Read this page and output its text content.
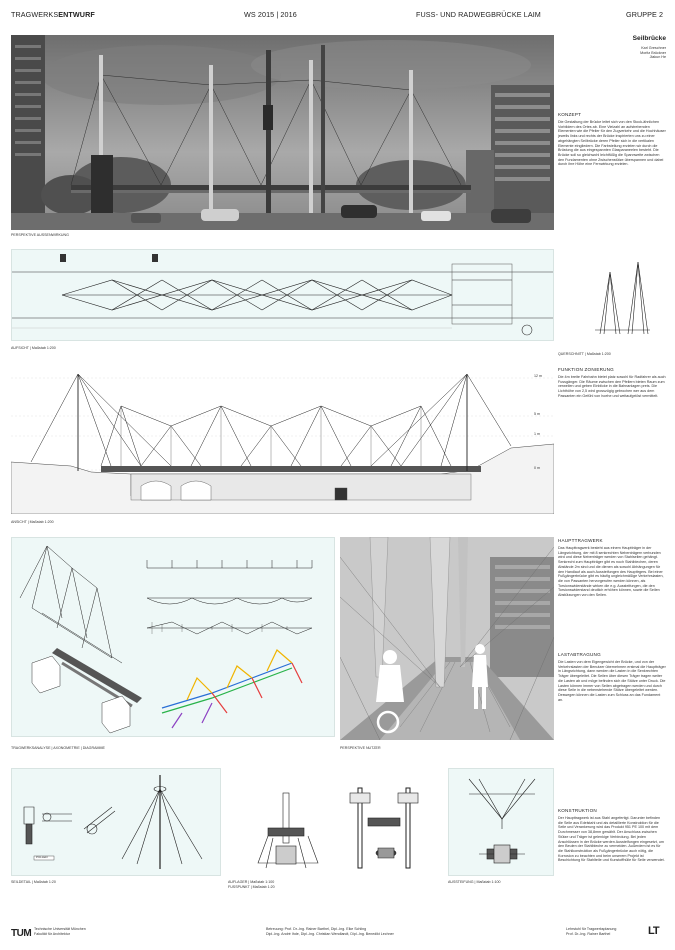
TRAGWERKSENTWURF	WS 2015 | 2016	FUSS- UND RADWEGBRÜCKE LAIM	GRUPPE 2
PERSPEKTIVE AUSSENWIRKUNG
Seilbrücke
Karl Greschner
Moritz Brückner
Jiakun He
KONZEPT
Die Gestaltung der Brücke leitet sich von den Stock-ähnlichen Vorbildern des Ortes ab. Eine Vielzahl an aufstrebenden Elementen wie die Pfeiler für den Zugverkehr und die Hochhäuser jeweils links und rechts der Brücke inspirierten uns zu einer abgehängten Seilbrücke deren Pfeiler sich in die vertikalen Elemente eingliedern. Die Farbstellung erzielen wir durch die Brüstung die aus eingespannten Glasparaneelen besteht. Die Brücke soll so gleichwohl leichtfüßig die Spannweite zwischen den Fundamenten ohne Zwischenstütze überspannen und dabei durch ihre Höhe eine Fernwirkung erzielen.
AUFSICHT | Maßstab 1:200
QUERSCHNITT | Maßstab 1:200
12 m
5 m
1 m
0 m
ANSICHT | Maßstab 1:200
FUNKTION ZONIERUNG
Die 4m breite Fahrbahn bietet platz sowohl für Radfahrer als auch Fussgänger. Die Räume zwischen den Pfeilern bieten Raum zum verweilen und geben Einblicke in die Bahnanlagen preis. Die Lichthöhe von 2,5 wird grosszügig gebrochen wer aus dem Passanten ein Gefühl von hoehe und weitaufgelöst vermittelt.
TRAGWERKSANALYSE | AXONOMETRIE | DIAGRAMME	PERSPEKTIVE NUTZER
HAUPTTRAGWERK
Das Haupttragwerk besteht aus einem Hauptträger in der Längsrichtung, der mit 8 senkrechten Nebenträgern verbunden wird und diese Nebenträger werden von Stahlseilen gehängt. Senkrecht zum Hauptträger gibt es noch Stahlblechen, deren Abstände 2m sind und die dienen als sowohl Abhängungen für den Handlauf als auch Aussteifungen des Haupttrgers. Bei einer Fußgängerbrücke gibt es häufig ungleichmäßige Verkehrslasten, die von Passanten hervorgerufen werden können, als Torsionswiderstände wirken die e.g. Aussteifungen, die den Torsionswiderstand deutlich erhöhen können, sowie die Seilen Abstützungen von den Seilen.
LASTABTRAGUNG
Die Lasten von dem Eigengewicht der Brücke, und von der Verkehrslasten der Benutzer übernehmen erstmal die Hauptträger in Längsrichtung, dann werden die Lasten in die Senkrechten Träger übergeleitet. Die Seilen über diesen Träger tragen weiter die Lasten ab und möge befinden sich die Stütze unter Druck. Die Lasten können immer von Seilen abgetragen werden und durch diese Seile in die nebenstehende Stütze übergeleitet werden. Deswegen können die Lasten zum Schluss an das Fundament an.
PULLED
SEILDETAIL | Maßstab 1:20	AUFLAGER | Maßstab 1:100
FUSSPUNKT | Maßstab 1:20
AUSSTEIFUNG | Maßstab 1:100
KONSTRUKTION
Der Haupttragwerk ist aus Stahl angefertigt. Darunter befinden die Seile aus Edelstahl und als detaillierte Konstruktion für die Seile und Verankerung wird das Produkt 951 PE 100 mit dem Durchmesser von 38,8mm gewählt. Der Anschluss zwischen Stütze und Träger ist gelenkige Verbindung. Bei jeden Anschlüssen in der Brücke werden Ausstelfungen eingesetzt, um den Beulen der Stahlbleche zu vermeiden. Außerdem ist es für die Stahlkonstruktion als Fußgängerbrücke auch nötig, die Korrosion zu beachten und beim unserem Projekt ist Beschichtung für Stahlteile und Kunstoffhülle für Seile verwendet.
TUM Technische Universität München
Fakultät für Architektur
Betreuung: Prof. Dr.-Ing. Rainer Barthel, Dipl.-Ing. Elke Schling
Dipl.-Ing. André Ihde, Dipl.-Ing. Christian Wendlandt, Dipl.-Ing. Benedikt Lechner
Lehrstuhl für Tragwerksplanung
Prof. Dr.-Ing. Rainer Barthel	LT
